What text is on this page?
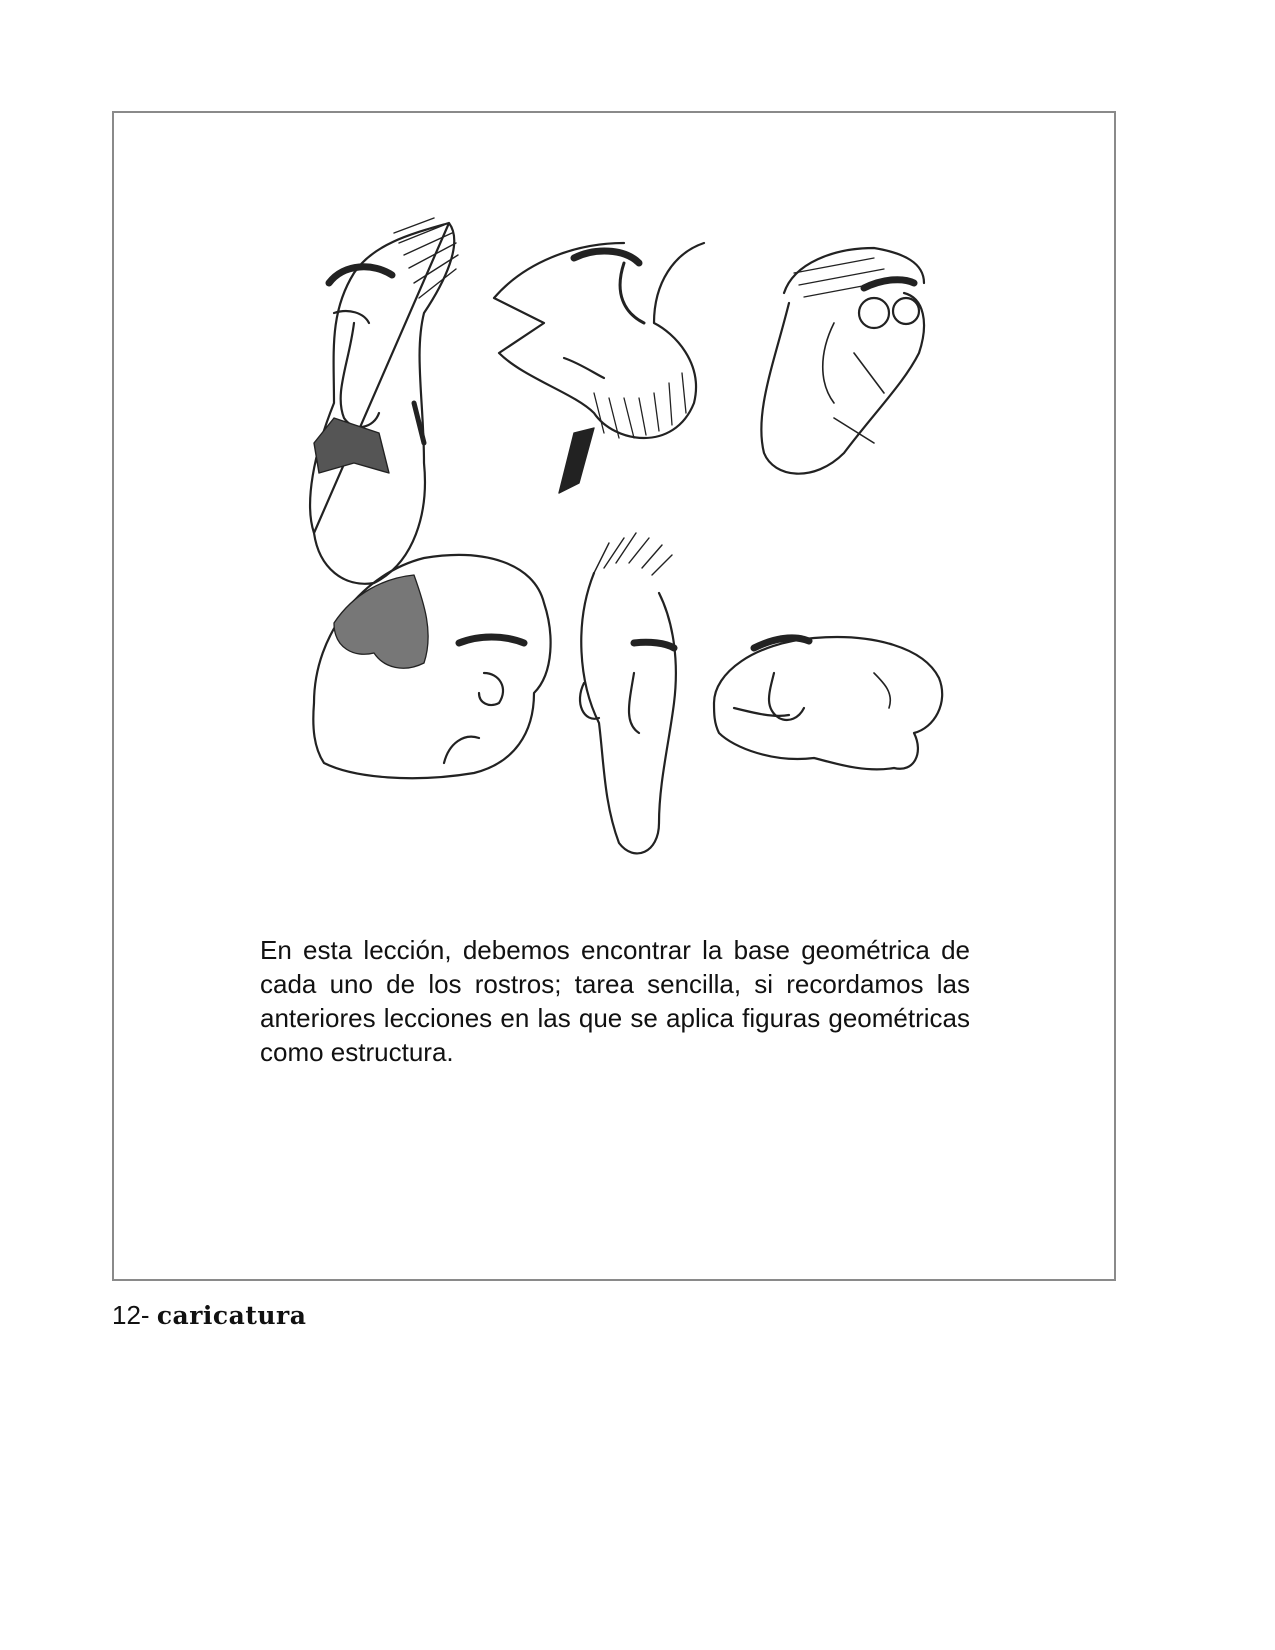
En esta lección, debemos encontrar la base geométrica de cada uno de los rostros; tarea sencilla, si recordamos las anteriores lecciones en las que se aplica figuras geométricas como estructura.

12- caricatura
